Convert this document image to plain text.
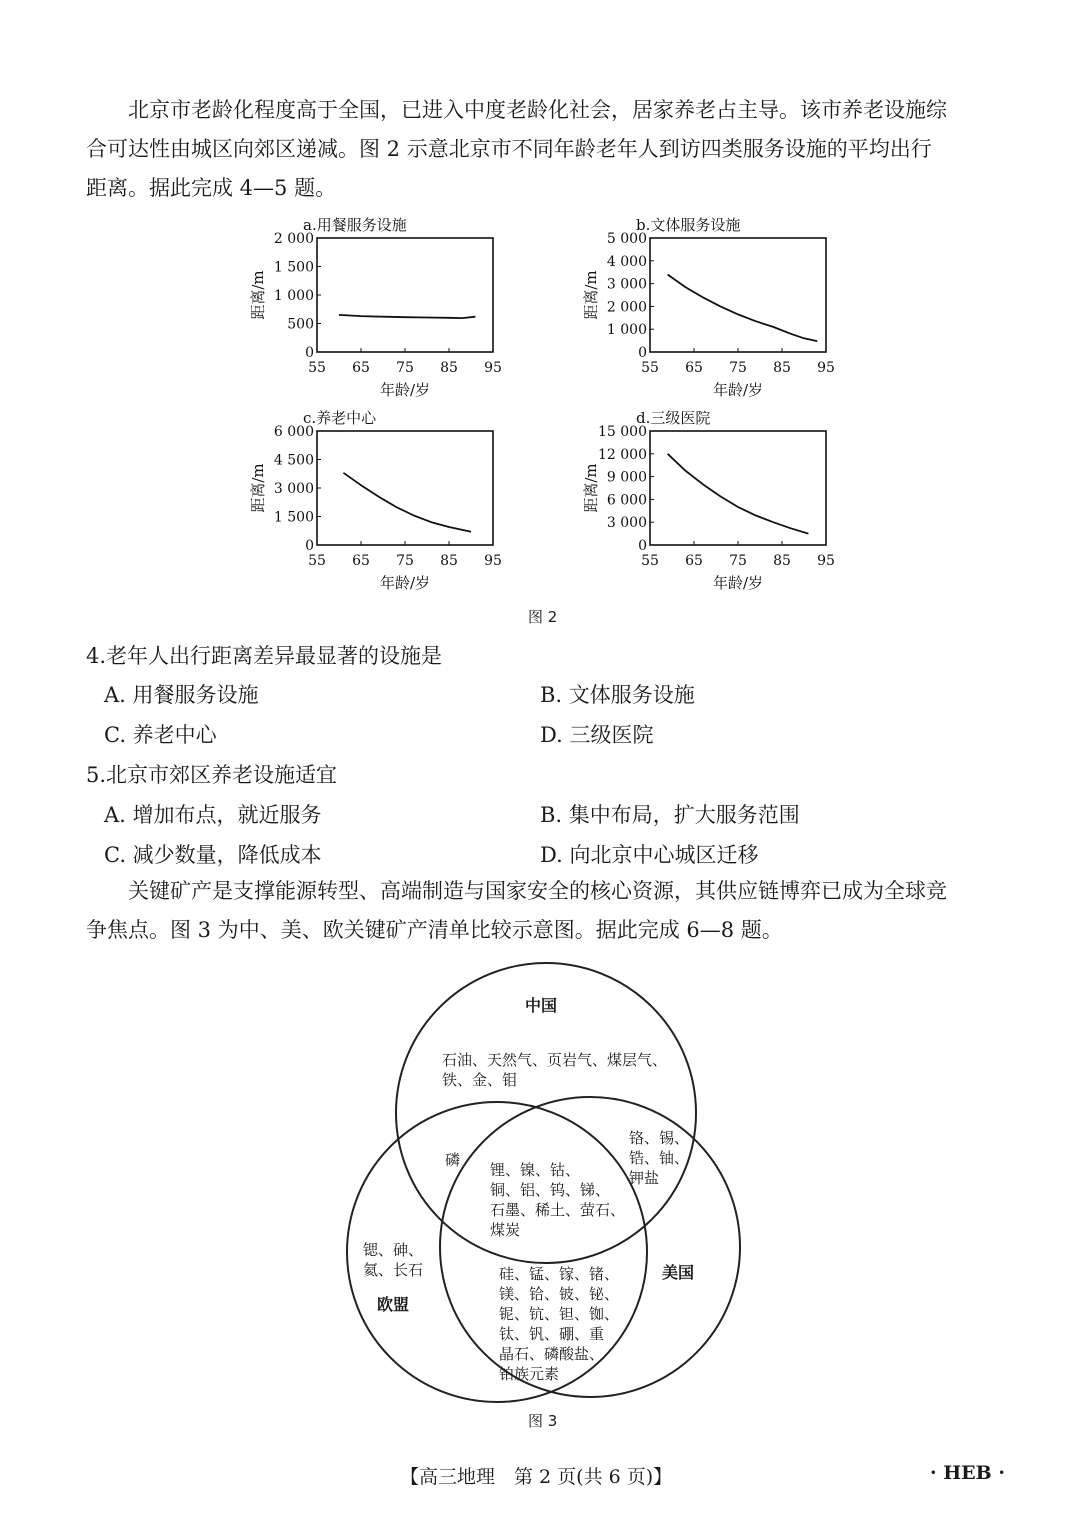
北京市老龄化程度高于全国，已进入中度老龄化社会，居家养老占主导。该市养老设施综
合可达性由城区向郊区递减。图 2 示意北京市不同年龄老年人到访四类服务设施的平均出行
距离。据此完成 4—5 题。
a.用餐服务设施
0
500
1 000
1 500
2 000
55 65 75 85 95
年龄/岁
距离/m
b.文体服务设施
0
1 000
2 000
3 000
4 000
5 000
55 65 75 85 95
年龄/岁
距离/m
c.养老中心
0
1 500
3 000
4 500
6 000
55 65 75 85 95
年龄/岁
距离/m
d.三级医院
0
3 000
6 000
9 000
12 000
15 000
55 65 75 85 95
年龄/岁
距离/m
图 2
4.老年人出行距离差异最显著的设施是
A. 用餐服务设施	B. 文体服务设施
C. 养老中心	D. 三级医院
5.北京市郊区养老设施适宜
A. 增加布点，就近服务	B. 集中布局，扩大服务范围
C. 减少数量，降低成本	D. 向北京中心城区迁移
关键矿产是支撑能源转型、高端制造与国家安全的核心资源，其供应链博弈已成为全球竞
争焦点。图 3 为中、美、欧关键矿产清单比较示意图。据此完成 6—8 题。
中国
美国
欧盟
石油、天然气、页岩气、煤层气、
铁、金、钼
磷
铬、锡、
锆、铀、
钾盐
锂、镍、钴、
铜、铝、钨、锑、
石墨、稀土、萤石、
煤炭
锶、砷、
氦、长石	硅、锰、镓、锗、
镁、铪、铍、铋、
铌、钪、钽、铷、
钛、钒、硼、重
晶石、磷酸盐、
铂族元素
图 3
【高三地理　第 2 页(共 6 页)】	· HEB ·
